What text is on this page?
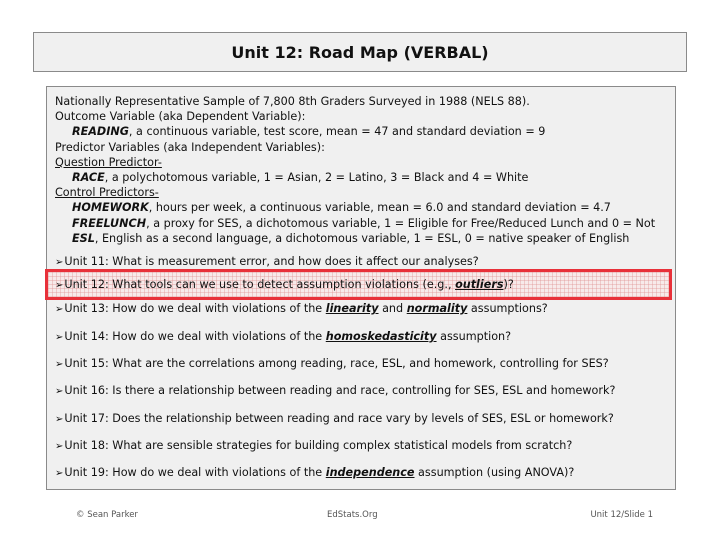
Unit 12: Road Map (VERBAL)
Nationally Representative Sample of 7,800 8th Graders Surveyed in 1988 (NELS 88).
Outcome Variable (aka Dependent Variable):
READING, a continuous variable, test score, mean = 47 and standard deviation = 9
Predictor Variables (aka Independent Variables):
Question Predictor-
RACE, a polychotomous variable, 1 = Asian, 2 = Latino, 3 = Black and 4 = White
Control Predictors-
HOMEWORK, hours per week, a continuous variable, mean = 6.0 and standard deviation = 4.7
FREELUNCH, a proxy for SES, a dichotomous variable, 1 = Eligible for Free/Reduced Lunch and 0 = Not
ESL, English as a second language, a dichotomous variable, 1 = ESL, 0 = native speaker of English
➢Unit 11: What is measurement error, and how does it affect our analyses?
➢Unit 12: What tools can we use to detect assumption violations (e.g., outliers)?
➢Unit 13: How do we deal with violations of the linearity and normality assumptions?
➢Unit 14: How do we deal with violations of the homoskedasticity assumption?
➢Unit 15: What are the correlations among reading, race, ESL, and homework, controlling for SES?
➢Unit 16: Is there a relationship between reading and race, controlling for SES, ESL and homework?
➢Unit 17: Does the relationship between reading and race vary by levels of SES, ESL or homework?
➢Unit 18: What are sensible strategies for building complex statistical models from scratch?
➢Unit 19: How do we deal with violations of the independence assumption (using ANOVA)?
© Sean Parker	EdStats.Org	Unit 12/Slide 1
